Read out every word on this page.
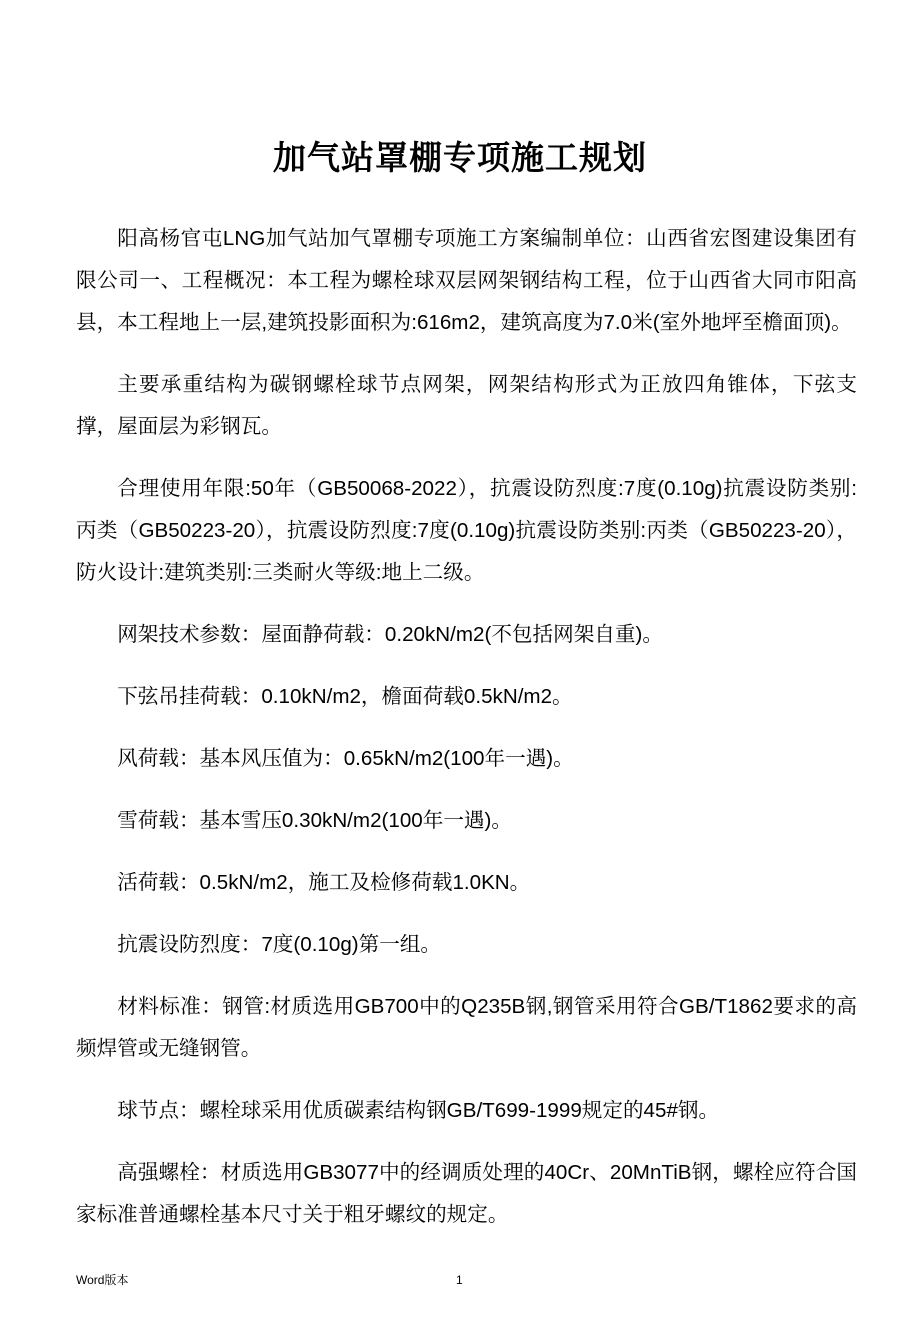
加气站罩棚专项施工规划

阳高杨官屯LNG加气站加气罩棚专项施工方案编制单位：山西省宏图建设集团有限公司一、工程概况：本工程为螺栓球双层网架钢结构工程，位于山西省大同市阳高县，本工程地上一层,建筑投影面积为:616m2，建筑高度为7.0米(室外地坪至檐面顶)。

主要承重结构为碳钢螺栓球节点网架，网架结构形式为正放四角锥体，下弦支撑，屋面层为彩钢瓦。

合理使用年限:50年（GB50068-2022），抗震设防烈度:7度(0.10g)抗震设防类别:丙类（GB50223-20），抗震设防烈度:7度(0.10g)抗震设防类别:丙类（GB50223-20），防火设计:建筑类别:三类耐火等级:地上二级。

网架技术参数：屋面静荷载：0.20kN/m2(不包括网架自重)。

下弦吊挂荷载：0.10kN/m2，檐面荷载0.5kN/m2。

风荷载：基本风压值为：0.65kN/m2(100年一遇)。

雪荷载：基本雪压0.30kN/m2(100年一遇)。

活荷载：0.5kN/m2，施工及检修荷载1.0KN。

抗震设防烈度：7度(0.10g)第一组。

材料标准：钢管:材质选用GB700中的Q235B钢,钢管采用符合GB/T1862要求的高频焊管或无缝钢管。

球节点：螺栓球采用优质碳素结构钢GB/T699-1999规定的45#钢。

高强螺栓：材质选用GB3077中的经调质处理的40Cr、20MnTiB钢，螺栓应符合国家标准普通螺栓基本尺寸关于粗牙螺纹的规定。

Word版本	1
